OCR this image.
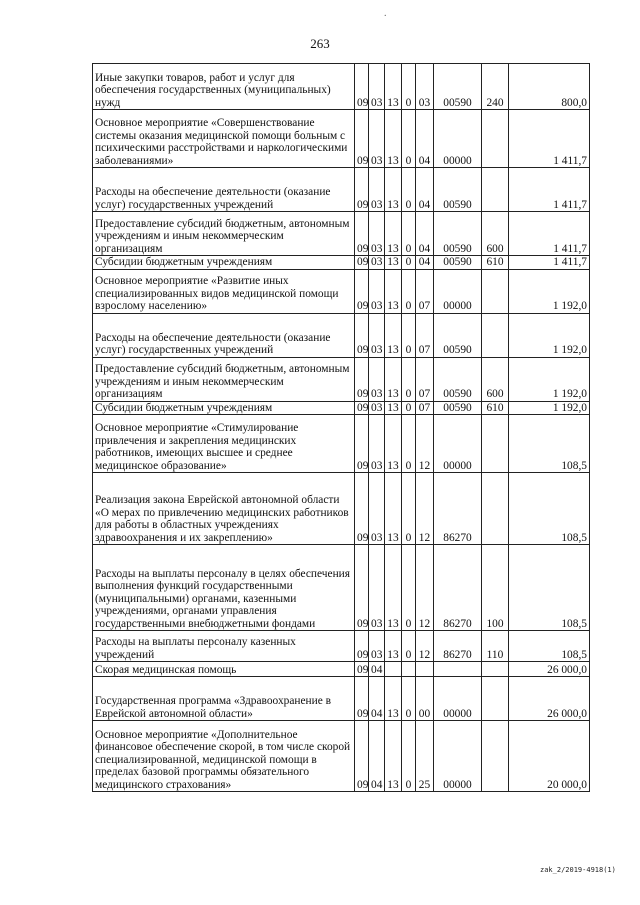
.
263
Иные закупки товаров, работ и услуг для обеспечения государственных (муниципальных) нужд	09	03	13	0	03	00590	240	800,0
Основное мероприятие «Совершенствование системы оказания медицинской помощи больным с психическими расстройствами и наркологическими заболеваниями»	09	03	13	0	04	00000		1 411,7
Расходы на обеспечение деятельности (оказание услуг) государственных учреждений	09	03	13	0	04	00590		1 411,7
Предоставление субсидий бюджетным, автономным учреждениям и иным некоммерческим организациям	09	03	13	0	04	00590	600	1 411,7
Субсидии бюджетным учреждениям	09	03	13	0	04	00590	610	1 411,7
Основное мероприятие «Развитие иных специализированных видов медицинской помощи взрослому населению»	09	03	13	0	07	00000		1 192,0
Расходы на обеспечение деятельности (оказание услуг) государственных учреждений	09	03	13	0	07	00590		1 192,0
Предоставление субсидий бюджетным, автономным учреждениям и иным некоммерческим организациям	09	03	13	0	07	00590	600	1 192,0
Субсидии бюджетным учреждениям	09	03	13	0	07	00590	610	1 192,0
Основное мероприятие «Стимулирование привлечения и закрепления медицинских работников, имеющих высшее и среднее медицинское образование»	09	03	13	0	12	00000		108,5
Реализация закона Еврейской автономной области «О мерах по привлечению медицинских работников для работы в областных учреждениях здравоохранения и их закреплению»	09	03	13	0	12	86270		108,5
Расходы на выплаты персоналу в целях обеспечения выполнения функций государственными (муниципальными) органами, казенными учреждениями, органами управления государственными внебюджетными фондами	09	03	13	0	12	86270	100	108,5
Расходы на выплаты персоналу казенных учреждений	09	03	13	0	12	86270	110	108,5
Скорая медицинская помощь	09	04						26 000,0
Государственная программа «Здравоохранение в Еврейской автономной области»	09	04	13	0	00	00000		26 000,0
Основное мероприятие «Дополнительное финансовое обеспечение скорой, в том числе скорой специализированной, медицинской помощи в пределах базовой программы обязательного медицинского страхования»	09	04	13	0	25	00000		20 000,0
zak_2/2019-4918(1)
